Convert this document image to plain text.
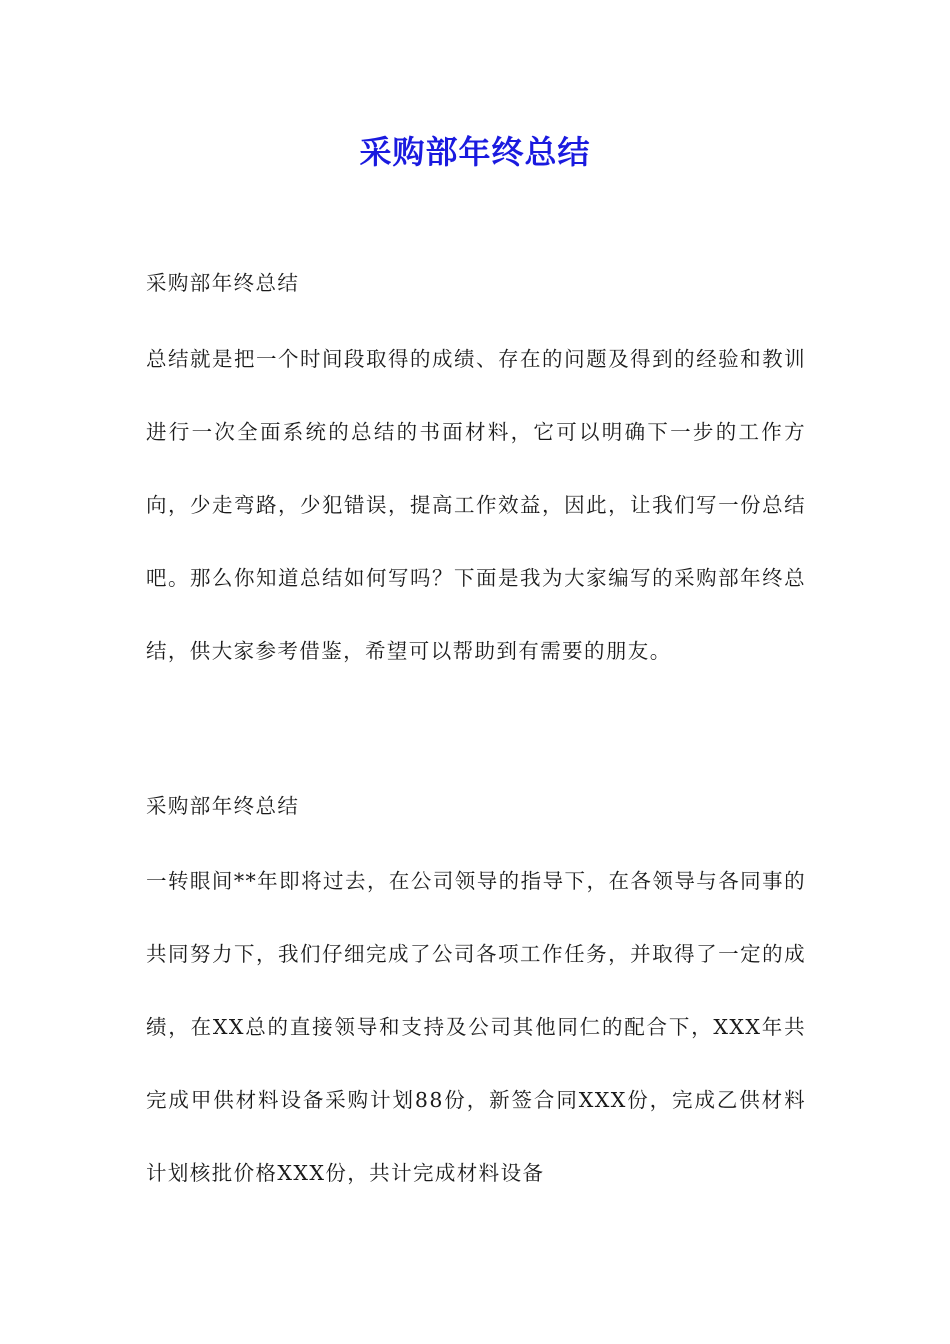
采购部年终总结

采购部年终总结

总结就是把一个时间段取得的成绩、存在的问题及得到的经验和教训进行一次全面系统的总结的书面材料，它可以明确下一步的工作方向，少走弯路，少犯错误，提高工作效益，因此，让我们写一份总结吧。那么你知道总结如何写吗？下面是我为大家编写的采购部年终总结，供大家参考借鉴，希望可以帮助到有需要的朋友。

采购部年终总结

一转眼间**年即将过去，在公司领导的指导下，在各领导与各同事的共同努力下，我们仔细完成了公司各项工作任务，并取得了一定的成绩，在XX总的直接领导和支持及公司其他同仁的配合下，XXX年共完成甲供材料设备采购计划88份，新签合同XXX份，完成乙供材料计划核批价格XXX份，共计完成材料设备
